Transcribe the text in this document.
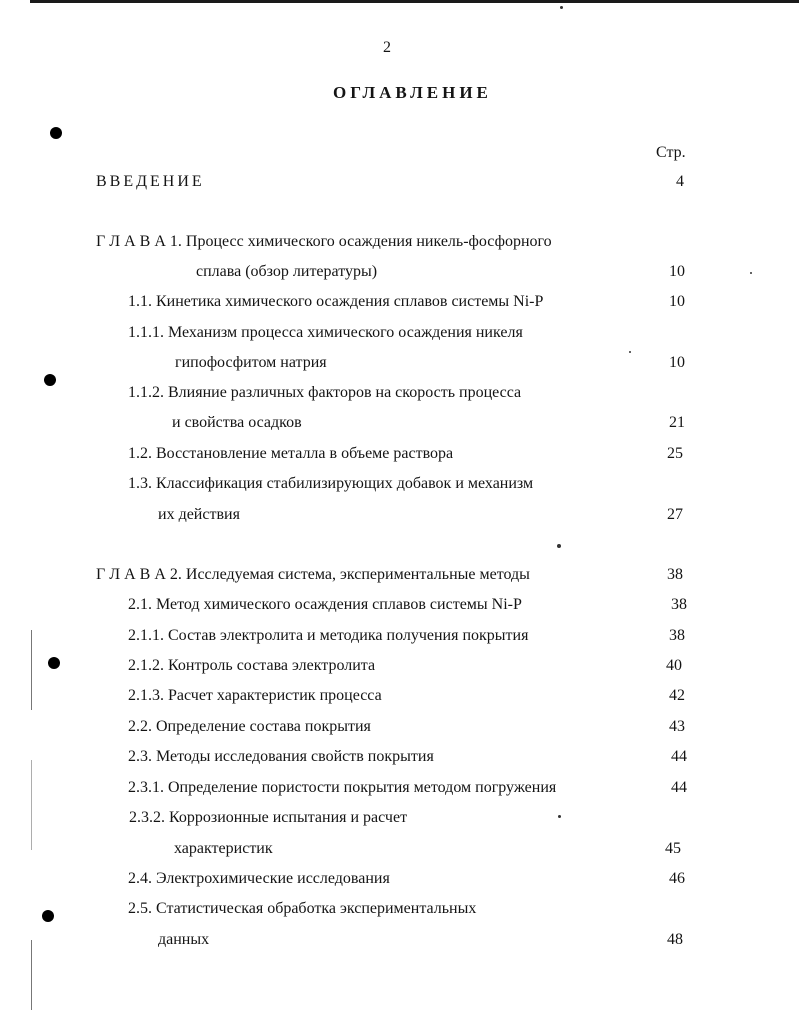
2
ОГЛАВЛЕНИЕ
Стр.
ВВЕДЕНИЕ	4
Г Л А В А 1. Процесс химического осаждения никель-фосфорного
сплава (обзор литературы)	10
1.1. Кинетика химического осаждения сплавов системы Ni-P	10
1.1.1. Механизм процесса химического осаждения никеля
гипофосфитом натрия	10
1.1.2. Влияние различных факторов на скорость процесса
и свойства осадков	21
1.2. Восстановление металла в объеме раствора	25
1.3. Классификация стабилизирующих добавок и механизм
их действия	27
Г Л А В А 2. Исследуемая система, экспериментальные методы	38
2.1. Метод химического осаждения сплавов системы Ni-P	38
2.1.1. Состав электролита и методика получения покрытия	38
2.1.2. Контроль состава электролита	40
2.1.3. Расчет характеристик процесса	42
2.2. Определение состава покрытия	43
2.3. Методы исследования свойств покрытия	44
2.3.1. Определение пористости покрытия методом погружения	44
2.3.2. Коррозионные испытания и расчет
характеристик	45
2.4. Электрохимические исследования	46
2.5. Статистическая обработка экспериментальных
данных	48
